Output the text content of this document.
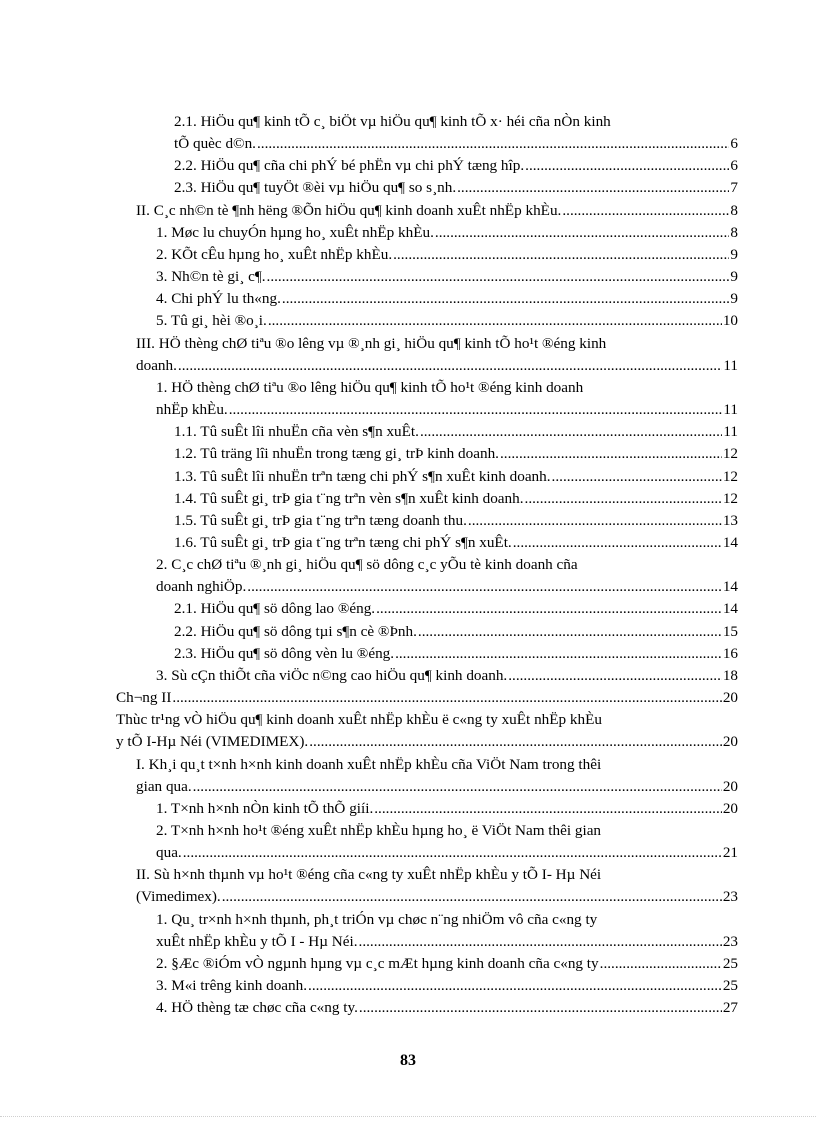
2.1. HiÖu qu¶ kinh tÕ c¸ biÖt vµ hiÖu qu¶ kinh tÕ x· héi cña nÒn kinh
tÕ quèc d©n. .....	6
2.2. HiÖu qu¶ cña chi phÝ bé phËn vµ chi phÝ tæng hîp. .....	6
2.3. HiÖu qu¶ tuyÖt ®èi vµ hiÖu qu¶ so s¸nh. .....	7
II. C¸c nh©n tè ¶nh hëng ®Õn hiÖu qu¶ kinh doanh xuÊt nhËp khÈu. .....	8
1. Møc lu chuyÓn hµng ho¸ xuÊt nhËp khÈu. .....	8
2. KÕt cÊu hµng ho¸ xuÊt nhËp khÈu. .....	9
3. Nh©n tè gi¸ c¶. .....	9
4. Chi phÝ lu th«ng. .....	9
5. Tû gi¸ hèi ®o¸i. .....	10
III. HÖ thèng chØ tiªu ®o lêng vµ ®¸nh gi¸ hiÖu qu¶ kinh tÕ ho¹t ®éng kinh
doanh. .....	11
1. HÖ thèng chØ tiªu ®o lêng hiÖu qu¶ kinh tÕ ho¹t ®éng kinh doanh
nhËp khÈu. .....	11
1.1. Tû suÊt lîi nhuËn cña vèn s¶n xuÊt. .....	11
1.2. Tû träng lîi nhuËn trong tæng gi¸ trÞ kinh doanh. .....	12
1.3. Tû suÊt lîi nhuËn trªn tæng chi phÝ s¶n xuÊt kinh doanh. .....	12
1.4. Tû suÊt gi¸ trÞ gia t¨ng trªn vèn s¶n xuÊt kinh doanh. .....	12
1.5. Tû suÊt gi¸ trÞ gia t¨ng trªn tæng doanh thu. .....	13
1.6. Tû suÊt gi¸ trÞ gia t¨ng trªn tæng chi phÝ s¶n xuÊt. .....	14
2. C¸c chØ tiªu ®¸nh gi¸ hiÖu qu¶ sö dông c¸c yÕu tè kinh doanh cña
doanh nghiÖp. .....	14
2.1. HiÖu qu¶ sö dông lao ®éng. .....	14
2.2. HiÖu qu¶ sö dông tµi s¶n cè ®Þnh. .....	15
2.3. HiÖu qu¶ sö dông vèn lu ®éng. .....	16
3. Sù cÇn thiÕt cña viÖc n©ng cao hiÖu qu¶ kinh doanh. .....	18
Ch¬ng II .....	20
Thùc tr¹ng vÒ hiÖu qu¶ kinh doanh xuÊt nhËp khÈu ë c«ng ty xuÊt nhËp khÈu
y tÕ I-Hµ Néi (VIMEDIMEX). .....	20
I. Kh¸i qu¸t t×nh h×nh kinh doanh xuÊt nhËp khÈu cña ViÖt Nam trong thêi
gian qua. .....	20
1. T×nh h×nh nÒn kinh tÕ thÕ giíi. .....	20
2. T×nh h×nh ho¹t ®éng xuÊt nhËp khÈu hµng ho¸ ë ViÖt Nam thêi gian
qua. .....	21
II. Sù h×nh thµnh vµ ho¹t ®éng cña c«ng ty xuÊt nhËp khÈu y tÕ I- Hµ Néi
(Vimedimex). .....	23
1. Qu¸ tr×nh h×nh thµnh, ph¸t triÓn vµ chøc n¨ng nhiÖm vô cña c«ng ty
xuÊt nhËp khÈu y tÕ I - Hµ Néi. .....	23
2. §Æc ®iÓm vÒ ngµnh hµng vµ c¸c mÆt hµng kinh doanh cña c«ng ty .....	25
3. M«i trêng kinh doanh. .....	25
4. HÖ thèng tæ chøc cña c«ng ty. .....	27
83
